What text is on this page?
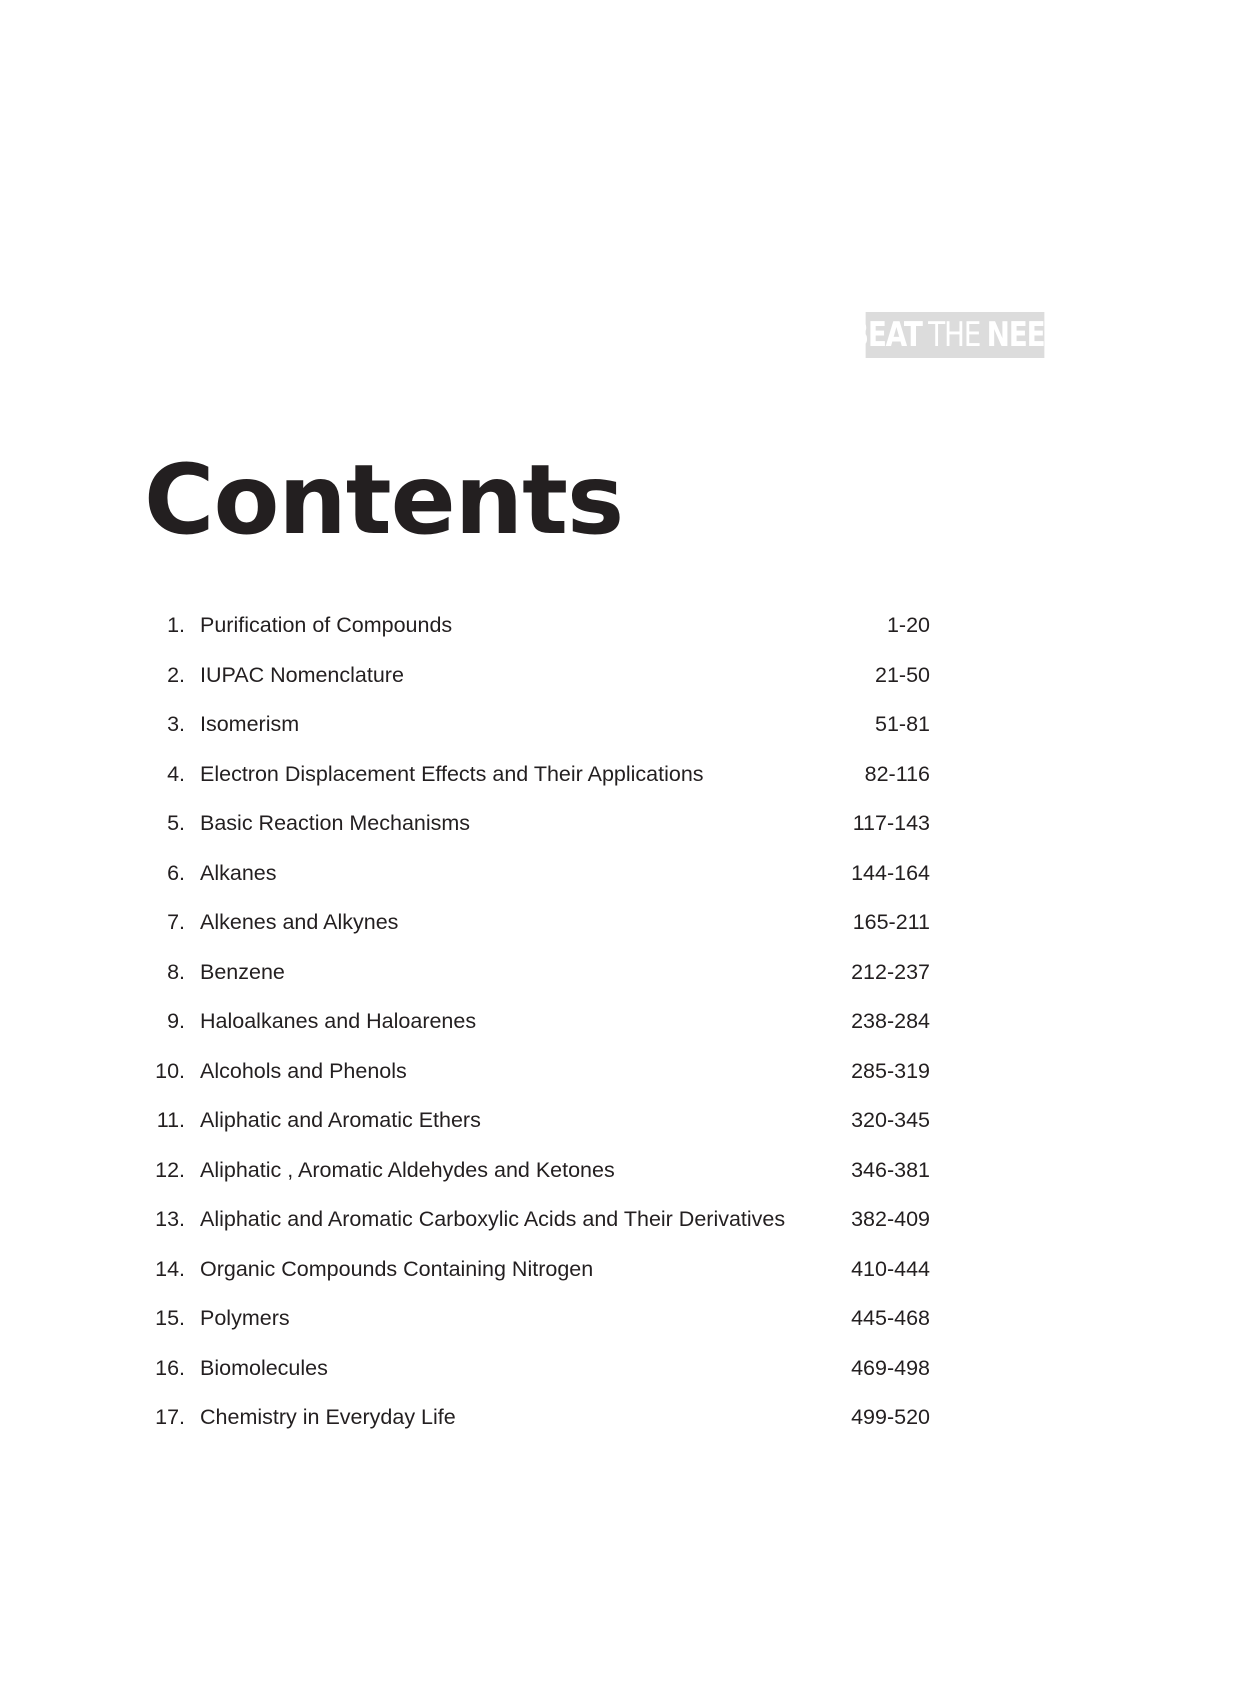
BEAT THE NEET
Contents
1. Purification of Compounds	1-20
2. IUPAC Nomenclature	21-50
3. Isomerism	51-81
4. Electron Displacement Effects and Their Applications	82-116
5. Basic Reaction Mechanisms	117-143
6. Alkanes	144-164
7. Alkenes and Alkynes	165-211
8. Benzene	212-237
9. Haloalkanes and Haloarenes	238-284
10. Alcohols and Phenols	285-319
11. Aliphatic and Aromatic Ethers	320-345
12. Aliphatic , Aromatic Aldehydes and Ketones	346-381
13. Aliphatic and Aromatic Carboxylic Acids and Their Derivatives	382-409
14. Organic Compounds Containing Nitrogen	410-444
15. Polymers	445-468
16. Biomolecules	469-498
17. Chemistry in Everyday Life	499-520
